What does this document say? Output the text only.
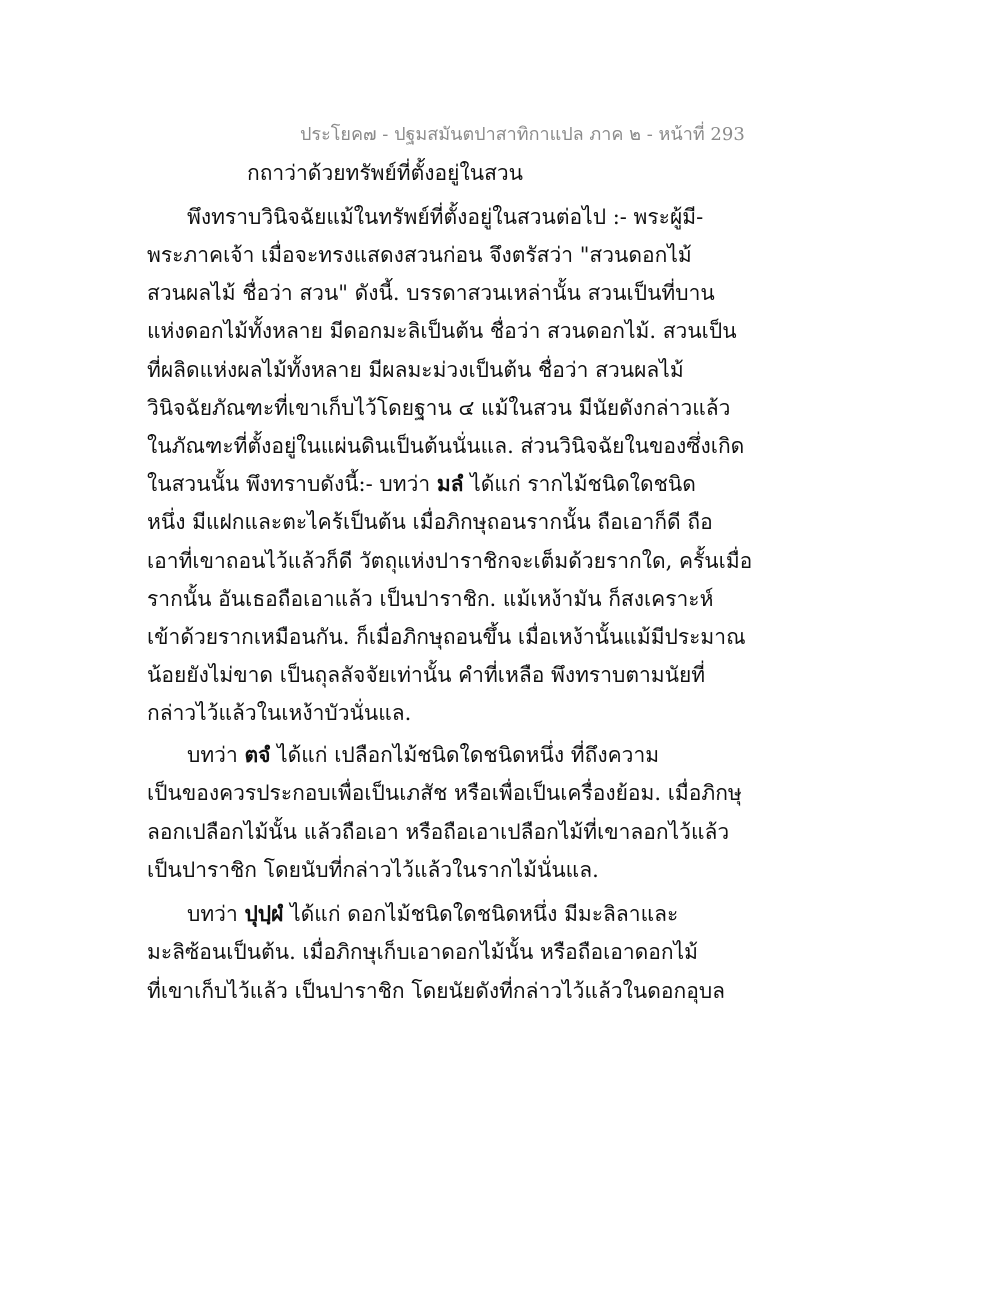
ประโยค๗ - ปฐมสมันตปาสาทิกาแปล ภาค ๒ - หน้าที่ 293
กถาว่าด้วยทรัพย์ที่ตั้งอยู่ในสวน
พึงทราบวินิจฉัยแม้ในทรัพย์ที่ตั้งอยู่ในสวนต่อไป :- พระผู้มี-
พระภาคเจ้า เมื่อจะทรงแสดงสวนก่อน จึงตรัสว่า "สวนดอกไม้
สวนผลไม้ ชื่อว่า สวน" ดังนี้. บรรดาสวนเหล่านั้น สวนเป็นที่บาน
แห่งดอกไม้ทั้งหลาย มีดอกมะลิเป็นต้น ชื่อว่า สวนดอกไม้. สวนเป็น
ที่ผลิดแห่งผลไม้ทั้งหลาย มีผลมะม่วงเป็นต้น ชื่อว่า สวนผลไม้
วินิจฉัยภัณฑะที่เขาเก็บไว้โดยฐาน ๔ แม้ในสวน มีนัยดังกล่าวแล้ว
ในภัณฑะที่ตั้งอยู่ในแผ่นดินเป็นต้นนั่นแล. ส่วนวินิจฉัยในของซึ่งเกิด
ในสวนนั้น พึงทราบดังนี้:- บทว่า มลํ ได้แก่ รากไม้ชนิดใดชนิด
หนึ่ง มีแฝกและตะไคร้เป็นต้น เมื่อภิกษุถอนรากนั้น ถือเอาก็ดี ถือ
เอาที่เขาถอนไว้แล้วก็ดี วัตถุแห่งปาราชิกจะเต็มด้วยรากใด, ครั้นเมื่อ
รากนั้น อันเธอถือเอาแล้ว เป็นปาราชิก. แม้เหง้ามัน ก็สงเคราะห์
เข้าด้วยรากเหมือนกัน. ก็เมื่อภิกษุถอนขึ้น เมื่อเหง้านั้นแม้มีประมาณ
น้อยยังไม่ขาด เป็นถุลลัจจัยเท่านั้น คำที่เหลือ พึงทราบตามนัยที่
กล่าวไว้แล้วในเหง้าบัวนั่นแล.
บทว่า ตจํ ได้แก่ เปลือกไม้ชนิดใดชนิดหนึ่ง ที่ถึงความ
เป็นของควรประกอบเพื่อเป็นเภสัช หรือเพื่อเป็นเครื่องย้อม. เมื่อภิกษุ
ลอกเปลือกไม้นั้น แล้วถือเอา หรือถือเอาเปลือกไม้ที่เขาลอกไว้แล้ว
เป็นปาราชิก โดยนับที่กล่าวไว้แล้วในรากไม้นั่นแล.
บทว่า ปุปฺผํ ได้แก่ ดอกไม้ชนิดใดชนิดหนึ่ง มีมะลิลาและ
มะลิซ้อนเป็นต้น. เมื่อภิกษุเก็บเอาดอกไม้นั้น หรือถือเอาดอกไม้
ที่เขาเก็บไว้แล้ว เป็นปาราชิก โดยนัยดังที่กล่าวไว้แล้วในดอกอุบล
